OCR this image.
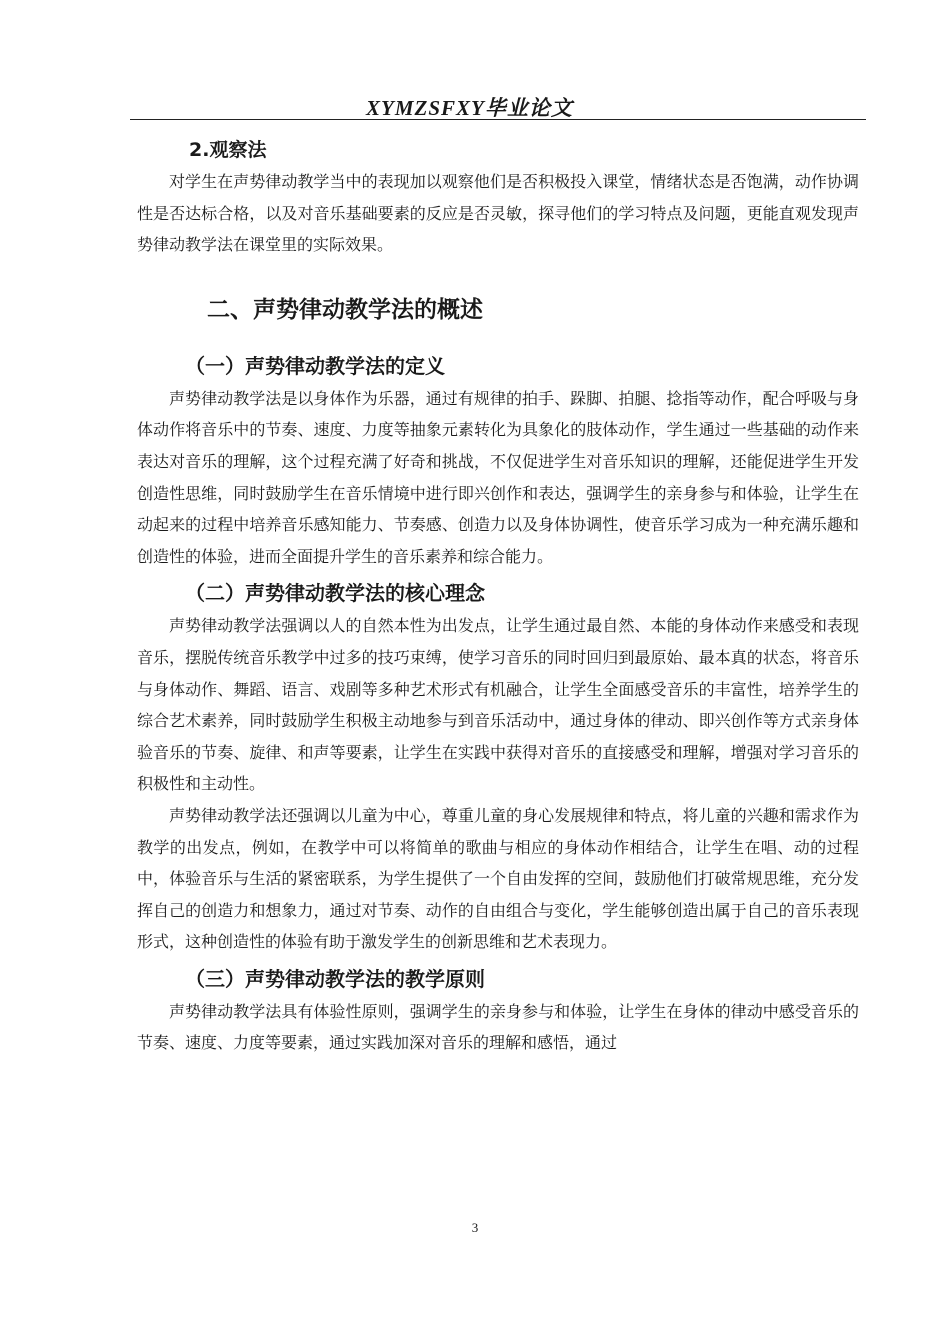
XYMZSFXY毕业论文
2.观察法

对学生在声势律动教学当中的表现加以观察他们是否积极投入课堂，情绪状态是否饱满，动作协调性是否达标合格，以及对音乐基础要素的反应是否灵敏，探寻他们的学习特点及问题，更能直观发现声势律动教学法在课堂里的实际效果。

二、声势律动教学法的概述
（一）声势律动教学法的定义

声势律动教学法是以身体作为乐器，通过有规律的拍手、跺脚、拍腿、捻指等动作，配合呼吸与身体动作将音乐中的节奏、速度、力度等抽象元素转化为具象化的肢体动作，学生通过一些基础的动作来表达对音乐的理解，这个过程充满了好奇和挑战，不仅促进学生对音乐知识的理解，还能促进学生开发创造性思维，同时鼓励学生在音乐情境中进行即兴创作和表达，强调学生的亲身参与和体验，让学生在动起来的过程中培养音乐感知能力、节奏感、创造力以及身体协调性，使音乐学习成为一种充满乐趣和创造性的体验，进而全面提升学生的音乐素养和综合能力。

（二）声势律动教学法的核心理念

声势律动教学法强调以人的自然本性为出发点，让学生通过最自然、本能的身体动作来感受和表现音乐，摆脱传统音乐教学中过多的技巧束缚，使学习音乐的同时回归到最原始、最本真的状态，将音乐与身体动作、舞蹈、语言、戏剧等多种艺术形式有机融合，让学生全面感受音乐的丰富性，培养学生的综合艺术素养，同时鼓励学生积极主动地参与到音乐活动中，通过身体的律动、即兴创作等方式亲身体验音乐的节奏、旋律、和声等要素，让学生在实践中获得对音乐的直接感受和理解，增强对学习音乐的积极性和主动性。

声势律动教学法还强调以儿童为中心，尊重儿童的身心发展规律和特点，将儿童的兴趣和需求作为教学的出发点，例如，在教学中可以将简单的歌曲与相应的身体动作相结合，让学生在唱、动的过程中，体验音乐与生活的紧密联系，为学生提供了一个自由发挥的空间，鼓励他们打破常规思维，充分发挥自己的创造力和想象力，通过对节奏、动作的自由组合与变化，学生能够创造出属于自己的音乐表现形式，这种创造性的体验有助于激发学生的创新思维和艺术表现力。

（三）声势律动教学法的教学原则

声势律动教学法具有体验性原则，强调学生的亲身参与和体验，让学生在身体的律动中感受音乐的节奏、速度、力度等要素，通过实践加深对音乐的理解和感悟，通过

3
